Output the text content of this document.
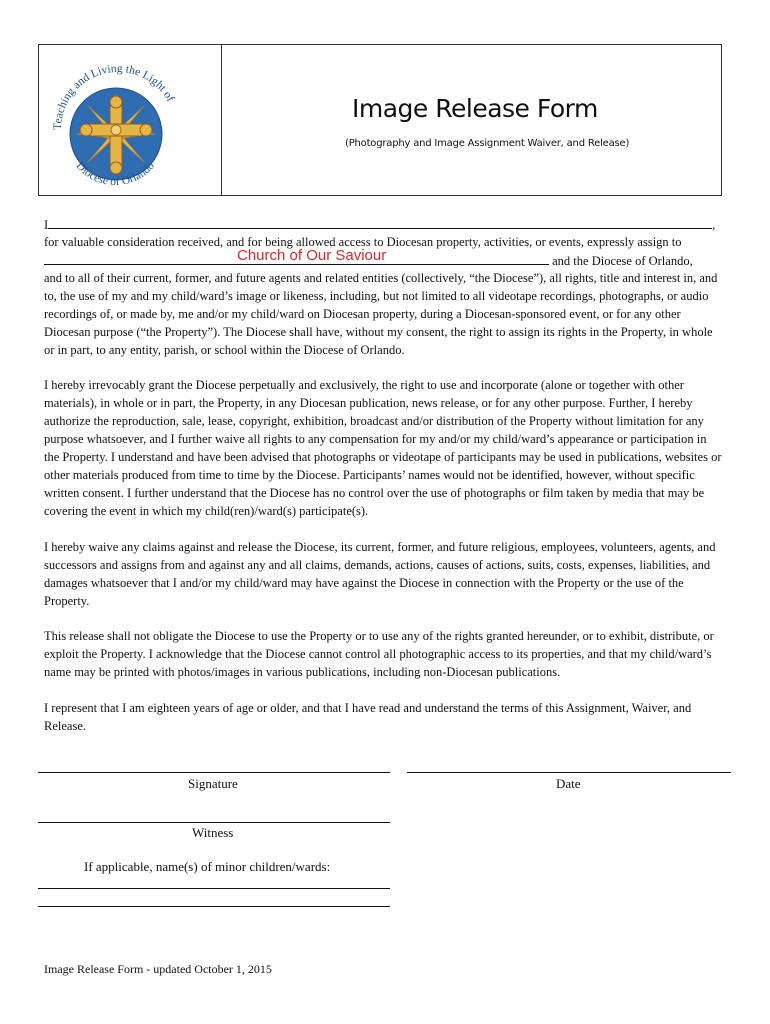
Teaching and Living the Light of
Diocese of Orlando
Image Release Form
(Photography and Image Assignment Waiver, and Release)
I	,
for valuable consideration received, and for being allowed access to Diocesan property, activities, or events, expressly assign to
and the Diocese of Orlando,
Church of Our Saviour

and to all of their current, former, and future agents and related entities (collectively, “the Diocese”), all rights, title and interest in, and to, the use of my and my child/ward’s image or likeness, including, but not limited to all videotape recordings, photographs, or audio recordings of, or made by, me and/or my child/ward on Diocesan property, during a Diocesan-sponsored event, or for any other Diocesan purpose (“the Property”). The Diocese shall have, without my consent, the right to assign its rights in the Property, in whole or in part, to any entity, parish, or school within the Diocese of Orlando.

I hereby irrevocably grant the Diocese perpetually and exclusively, the right to use and incorporate (alone or together with other materials), in whole or in part, the Property, in any Diocesan publication, news release, or for any other purpose. Further, I hereby authorize the reproduction, sale, lease, copyright, exhibition, broadcast and/or distribution of the Property without limitation for any purpose whatsoever, and I further waive all rights to any compensation for my and/or my child/ward’s appearance or participation in the Property. I understand and have been advised that photographs or videotape of participants may be used in publications, websites or other materials produced from time to time by the Diocese. Participants’ names would not be identified, however, without specific written consent. I further understand that the Diocese has no control over the use of photographs or film taken by media that may be covering the event in which my child(ren)/ward(s) participate(s).

I hereby waive any claims against and release the Diocese, its current, former, and future religious, employees, volunteers, agents, and successors and assigns from and against any and all claims, demands, actions, causes of actions, suits, costs, expenses, liabilities, and damages whatsoever that I and/or my child/ward may have against the Diocese in connection with the Property or the use of the Property.

This release shall not obligate the Diocese to use the Property or to use any of the rights granted hereunder, or to exhibit, distribute, or exploit the Property. I acknowledge that the Diocese cannot control all photographic access to its properties, and that my child/ward’s name may be printed with photos/images in various publications, including non-Diocesan publications.

I represent that I am eighteen years of age or older, and that I have read and understand the terms of this Assignment, Waiver, and Release.

Signature	Date
Witness
If applicable, name(s) of minor children/wards:
Image Release Form - updated October 1, 2015
